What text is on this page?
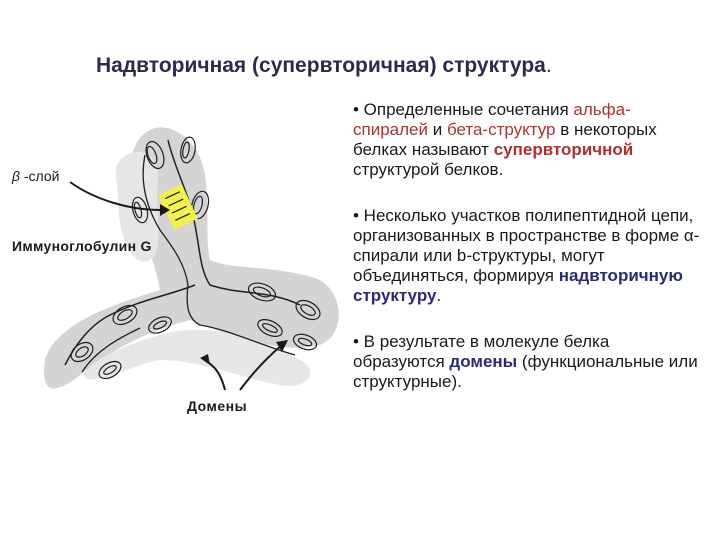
Надвторичная (супервторичная) структура.
β -слой
Иммуноглобулин G
Домены

• Определенные сочетания альфа-спиралей и бета-структур в некоторых белках называют супервторичной структурой белков.

• Несколько участков полипептидной цепи, организованных в пространстве в форме α-спирали или b-структуры, могут объединяться, формируя надвторичную структуру.

• В результате в молекуле белка образуются домены (функциональные или структурные).
